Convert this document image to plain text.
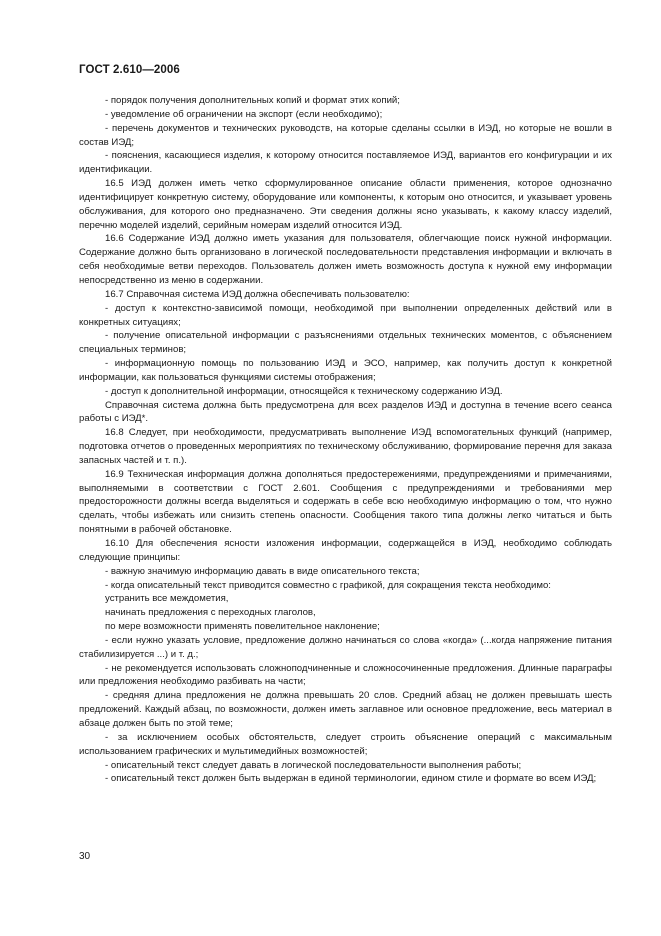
ГОСТ 2.610—2006

- порядок получения дополнительных копий и формат этих копий;

- уведомление об ограничении на экспорт (если необходимо);

- перечень документов и технических руководств, на которые сделаны ссылки в ИЭД, но которые не вошли в состав ИЭД;

- пояснения, касающиеся изделия, к которому относится поставляемое ИЭД, вариантов его конфигурации и их идентификации.

16.5 ИЭД должен иметь четко сформулированное описание области применения, которое однозначно идентифицирует конкретную систему, оборудование или компоненты, к которым оно относится, и указывает уровень обслуживания, для которого оно предназначено. Эти сведения должны ясно указывать, к какому классу изделий, перечню моделей изделий, серийным номерам изделий относится ИЭД.

16.6 Содержание ИЭД должно иметь указания для пользователя, облегчающие поиск нужной информации. Содержание должно быть организовано в логической последовательности представления информации и включать в себя необходимые ветви переходов. Пользователь должен иметь возможность доступа к нужной ему информации непосредственно из меню в содержании.

16.7 Справочная система ИЭД должна обеспечивать пользователю:

- доступ к контекстно-зависимой помощи, необходимой при выполнении определенных действий или в конкретных ситуациях;

- получение описательной информации с разъяснениями отдельных технических моментов, с объяснением специальных терминов;

- информационную помощь по пользованию ИЭД и ЭСО, например, как получить доступ к конкретной информации, как пользоваться функциями системы отображения;

- доступ к дополнительной информации, относящейся к техническому содержанию ИЭД.

Справочная система должна быть предусмотрена для всех разделов ИЭД и доступна в течение всего сеанса работы с ИЭД*.

16.8 Следует, при необходимости, предусматривать выполнение ИЭД вспомогательных функций (например, подготовка отчетов о проведенных мероприятиях по техническому обслуживанию, формирование перечня для заказа запасных частей и т. п.).

16.9 Техническая информация должна дополняться предостережениями, предупреждениями и примечаниями, выполняемыми в соответствии с ГОСТ 2.601. Сообщения с предупреждениями и требованиями мер предосторожности должны всегда выделяться и содержать в себе всю необходимую информацию о том, что нужно сделать, чтобы избежать или снизить степень опасности. Сообщения такого типа должны легко читаться и быть понятными в рабочей обстановке.

16.10 Для обеспечения ясности изложения информации, содержащейся в ИЭД, необходимо соблюдать следующие принципы:

- важную значимую информацию давать в виде описательного текста;

- когда описательный текст приводится совместно с графикой, для сокращения текста необходимо:

устранить все междометия,

начинать предложения с переходных глаголов,

по мере возможности применять повелительное наклонение;

- если нужно указать условие, предложение должно начинаться со слова «когда» (...когда напряжение питания стабилизируется ...) и т. д.;

- не рекомендуется использовать сложноподчиненные и сложносочиненные предложения. Длинные параграфы или предложения необходимо разбивать на части;

- средняя длина предложения не должна превышать 20 слов. Средний абзац не должен превышать шесть предложений. Каждый абзац, по возможности, должен иметь заглавное или основное предложение, весь материал в абзаце должен быть по этой теме;

- за исключением особых обстоятельств, следует строить объяснение операций с максимальным использованием графических и мультимедийных возможностей;

- описательный текст следует давать в логической последовательности выполнения работы;

- описательный текст должен быть выдержан в единой терминологии, едином стиле и формате во всем ИЭД;

30
